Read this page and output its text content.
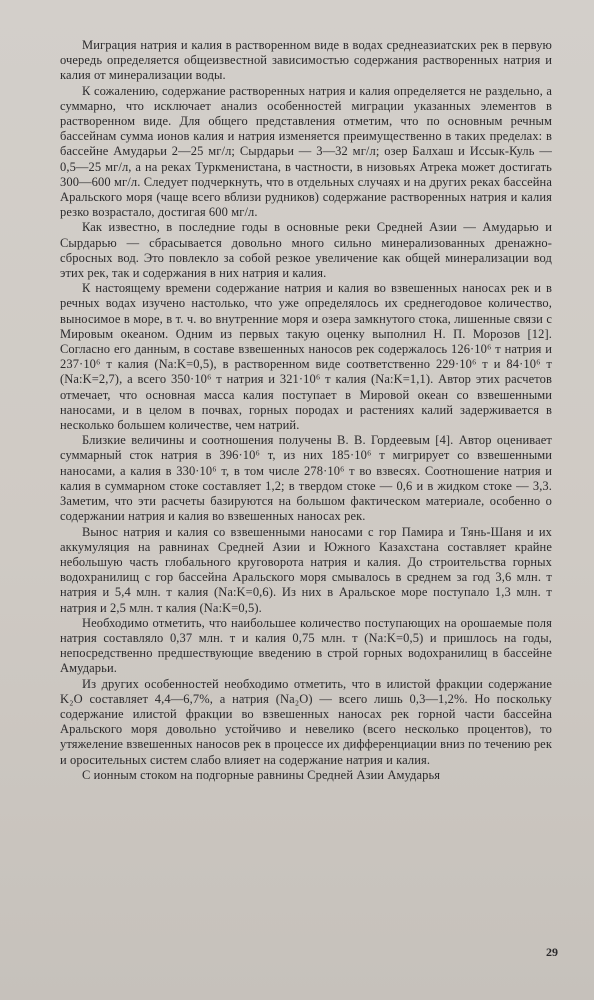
Миграция натрия и калия в растворенном виде в водах среднеазиатских рек в первую очередь определяется общеизвестной зависимостью содержания растворенных натрия и калия от минерализации воды.

К сожалению, содержание растворенных натрия и калия определяется не раздельно, а суммарно, что исключает анализ особенностей миграции указанных элементов в растворенном виде. Для общего представления отметим, что по основным речным бассейнам сумма ионов калия и натрия изменяется преимущественно в таких пределах: в бассейне Амударьи 2—25 мг/л; Сырдарьи — 3—32 мг/л; озер Балхаш и Иссык-Куль — 0,5—25 мг/л, а на реках Туркменистана, в частности, в низовьях Атрека может достигать 300—600 мг/л. Следует подчеркнуть, что в отдельных случаях и на других реках бассейна Аральского моря (чаще всего вблизи рудников) содержание растворенных натрия и калия резко возрастало, достигая 600 мг/л.

Как известно, в последние годы в основные реки Средней Азии — Амударью и Сырдарью — сбрасывается довольно много сильно минерализованных дренажно-сбросных вод. Это повлекло за собой резкое увеличение как общей минерализации вод этих рек, так и содержания в них натрия и калия.

К настоящему времени содержание натрия и калия во взвешенных наносах рек и в речных водах изучено настолько, что уже определялось их среднегодовое количество, выносимое в море, в т. ч. во внутренние моря и озера замкнутого стока, лишенные связи с Мировым океаном. Одним из первых такую оценку выполнил Н. П. Морозов [12]. Согласно его данным, в составе взвешенных наносов рек содержалось 126·10⁶ т натрия и 237·10⁶ т калия (Na:K=0,5), в растворенном виде соответственно 229·10⁶ т и 84·10⁶ т (Na:K=2,7), а всего 350·10⁶ т натрия и 321·10⁶ т калия (Na:K=1,1). Автор этих расчетов отмечает, что основная масса калия поступает в Мировой океан со взвешенными наносами, и в целом в почвах, горных породах и растениях калий задерживается в несколько большем количестве, чем натрий.

Близкие величины и соотношения получены В. В. Гордеевым [4]. Автор оценивает суммарный сток натрия в 396·10⁶ т, из них 185·10⁶ т мигрирует со взвешенными наносами, а калия в 330·10⁶ т, в том числе 278·10⁶ т во взвесях. Соотношение натрия и калия в суммарном стоке составляет 1,2; в твердом стоке — 0,6 и в жидком стоке — 3,3. Заметим, что эти расчеты базируются на большом фактическом материале, особенно о содержании натрия и калия во взвешенных наносах рек.

Вынос натрия и калия со взвешенными наносами с гор Памира и Тянь-Шаня и их аккумуляция на равнинах Средней Азии и Южного Казахстана составляет крайне небольшую часть глобального круговорота натрия и калия. До строительства горных водохранилищ с гор бассейна Аральского моря смывалось в среднем за год 3,6 млн. т натрия и 5,4 млн. т калия (Na:K=0,6). Из них в Аральское море поступало 1,3 млн. т натрия и 2,5 млн. т калия (Na:K=0,5).

Необходимо отметить, что наибольшее количество поступающих на орошаемые поля натрия составляло 0,37 млн. т и калия 0,75 млн. т (Na:K=0,5) и пришлось на годы, непосредственно предшествующие введению в строй горных водохранилищ в бассейне Амударьи.

Из других особенностей необходимо отметить, что в илистой фракции содержание K₂O составляет 4,4—6,7%, а натрия (Na₂O) — всего лишь 0,3—1,2%. Но поскольку содержание илистой фракции во взвешенных наносах рек горной части бассейна Аральского моря довольно устойчиво и невелико (всего несколько процентов), то утяжеление взвешенных наносов рек в процессе их дифференциации вниз по течению рек и оросительных систем слабо влияет на содержание натрия и калия.

С ионным стоком на подгорные равнины Средней Азии Амударья

29
